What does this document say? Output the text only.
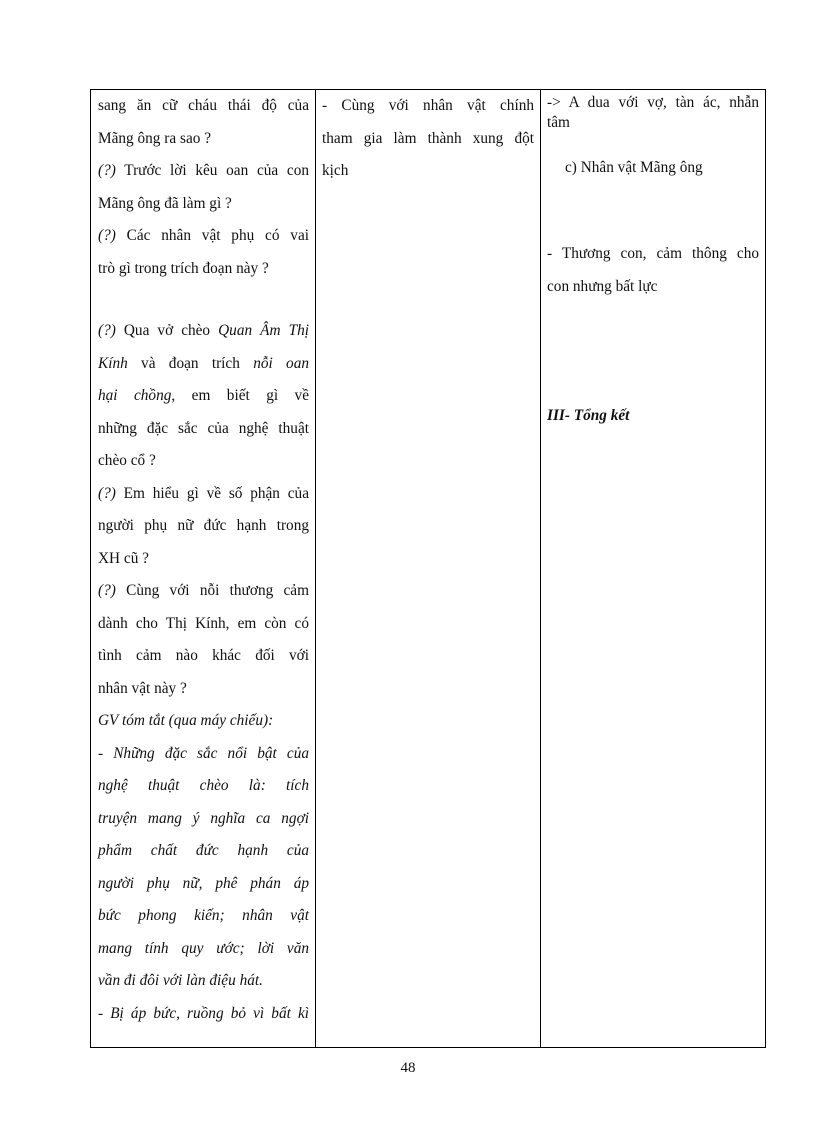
sang ăn cữ cháu thái độ của
Mãng ông ra sao ?
(?) Trước lời kêu oan của con
Mãng ông đã làm gì ?
(?) Các nhân vật phụ có vai
trò gì trong trích đoạn này ?
(?) Qua vở chèo Quan Âm Thị
Kính và đoạn trích nỗi oan
hại chồng, em biết gì về
những đặc sắc của nghệ thuật
chèo cổ ?
(?) Em hiểu gì về số phận của
người phụ nữ đức hạnh trong
XH cũ ?
(?) Cùng với nỗi thương cảm
dành cho Thị Kính, em còn có
tình cảm nào khác đối với
nhân vật này ?
GV tóm tắt (qua máy chiếu):
- Những đặc sắc nổi bật của
nghệ thuật chèo là: tích
truyện mang ý nghĩa ca ngợi
phẩm chất đức hạnh của
người phụ nữ, phê phán áp
bức phong kiến; nhân vật
mang tính quy ước; lời văn
vần đi đôi với làn điệu hát.
- Bị áp bức, ruồng bỏ vì bất kì
- Cùng với nhân vật chính
tham gia làm thành xung đột
kịch
-> A dua với vợ, tàn ác, nhẫn
tâm
c) Nhân vật Mãng ông
- Thương con, cảm thông cho
con nhưng bất lực
III- Tổng kết
48
